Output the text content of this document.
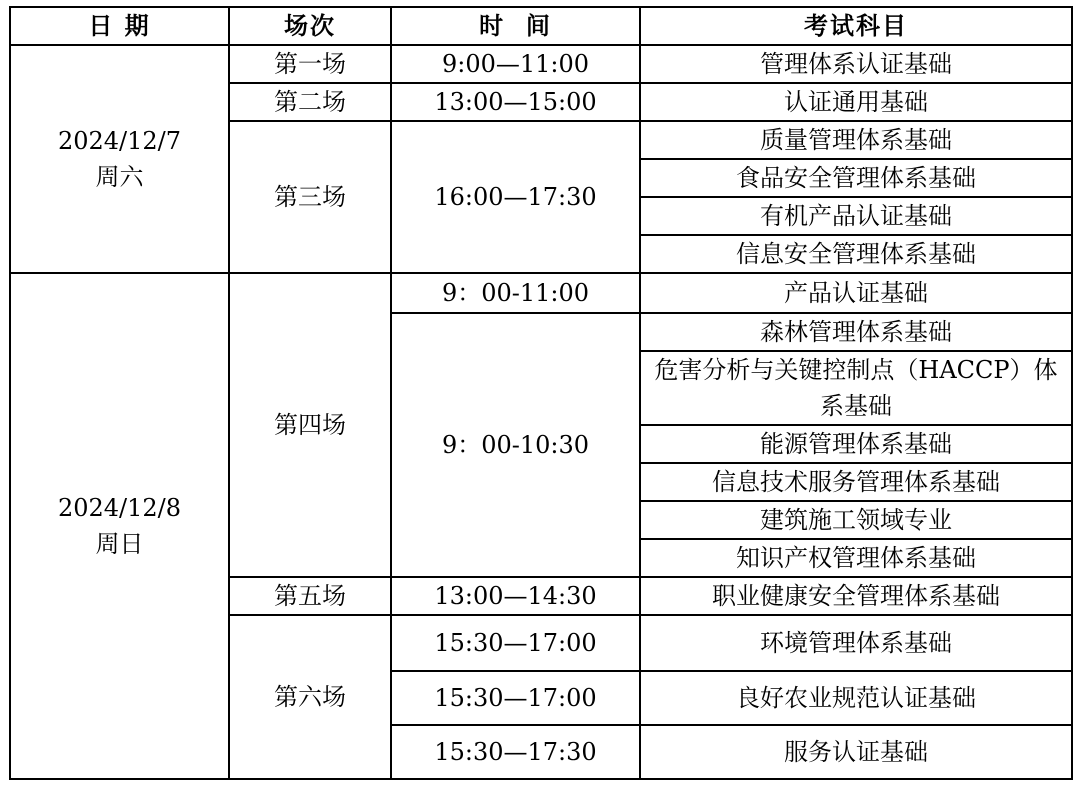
日 期	场次	时  间	考试科目

2024/12/7
周六	第一场	9:00—11:00	管理体系认证基础
	第二场	13:00—15:00	认证通用基础
	第三场	16:00—17:30	质量管理体系基础
			食品安全管理体系基础
			有机产品认证基础
			信息安全管理体系基础

2024/12/8
周日	第四场	9：00-11:00	产品认证基础
		9：00-10:30	森林管理体系基础
			危害分析与关键控制点（HACCP）体系基础
			能源管理体系基础
			信息技术服务管理体系基础
			建筑施工领域专业
			知识产权管理体系基础
	第五场	13:00—14:30	职业健康安全管理体系基础
	第六场	15:30—17:00	环境管理体系基础
		15:30—17:00	良好农业规范认证基础
		15:30—17:30	服务认证基础
